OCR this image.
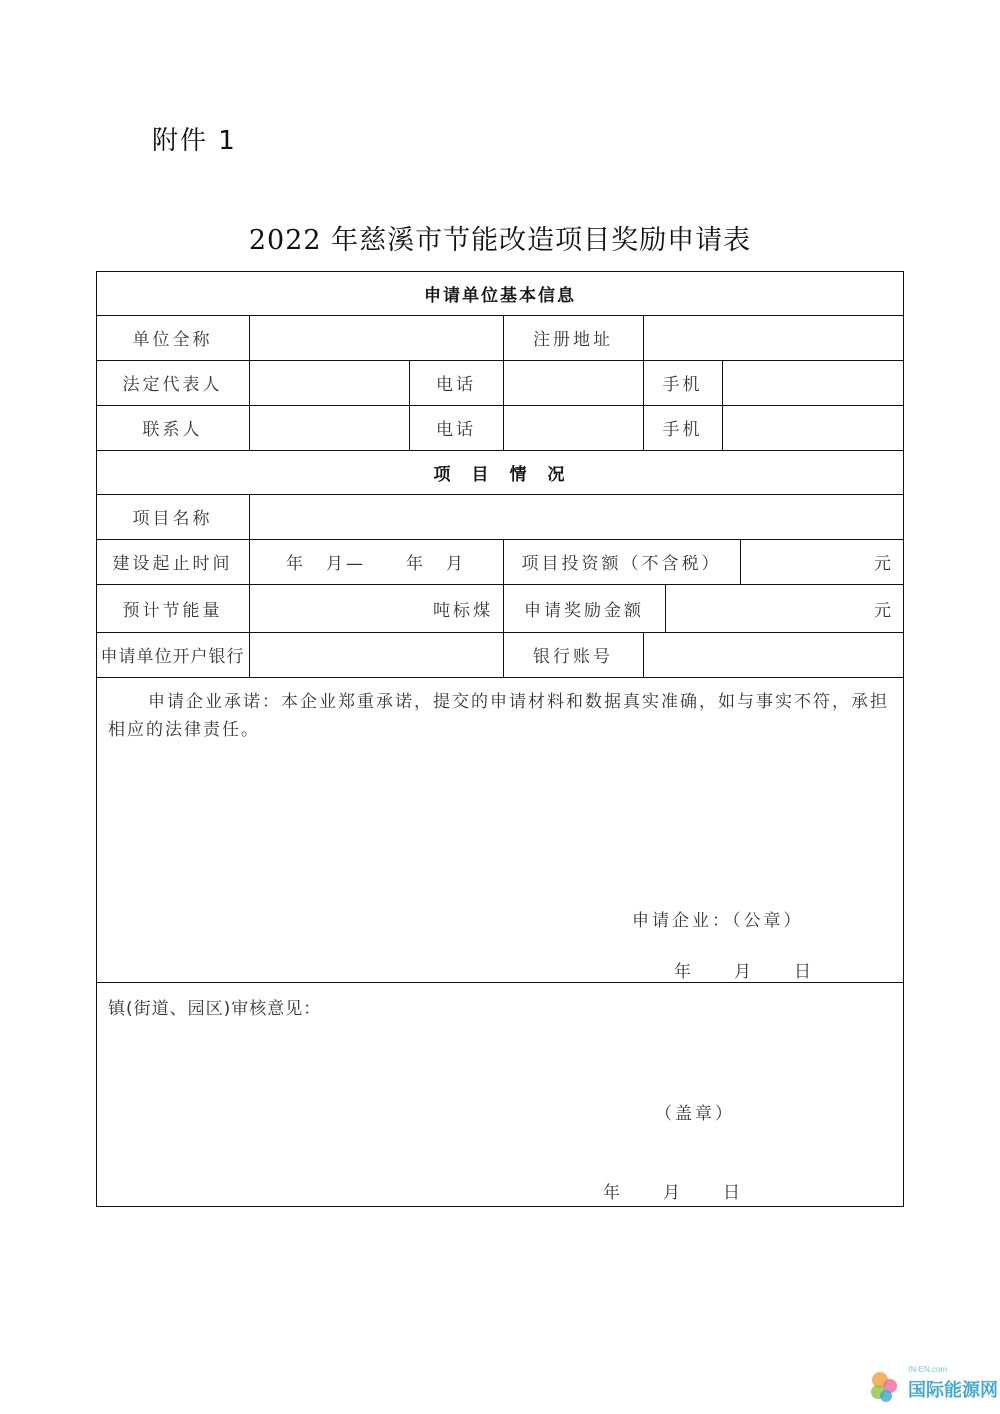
附件 1
2022 年慈溪市节能改造项目奖励申请表
申请单位基本信息
单位全称	注册地址
法定代表人	电话	手机
联系人	电话	手机
项　目　情　况
项目名称
建设起止时间	年　月—　　年　月	项目投资额（不含税）	元
预计节能量	吨标煤	申请奖励金额	元
申请单位开户银行	银行账号
申请企业承诺：本企业郑重承诺，提交的申请材料和数据真实准确，如与事实不符，承担相应的法律责任。
申请企业：（公章）
年　　月　　日
镇(街道、园区)审核意见：
（盖章）
年　　月　　日
IN-EN.com
国际能源网
